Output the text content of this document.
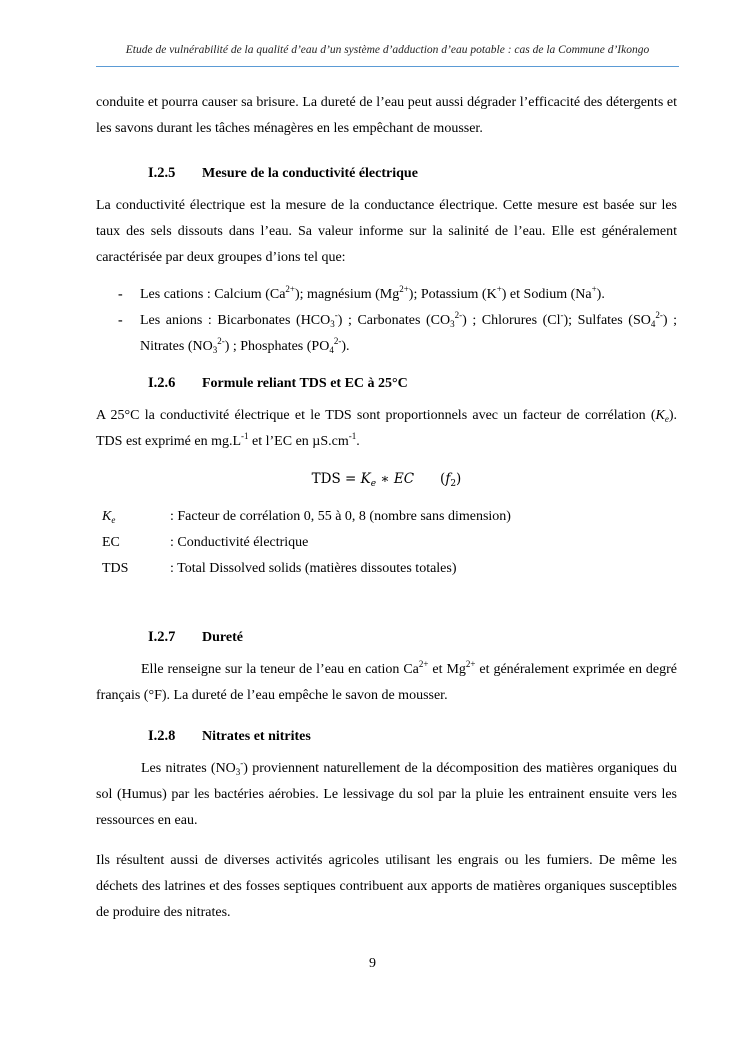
Etude de vulnérabilité de la qualité d’eau d’un système d’adduction d’eau potable : cas de la Commune d’Ikongo

conduite et pourra causer sa brisure. La dureté de l’eau peut aussi dégrader l’efficacité des détergents et les savons durant les tâches ménagères en les empêchant de mousser.

I.2.5 Mesure de la conductivité électrique

La conductivité électrique est la mesure de la conductance électrique. Cette mesure est basée sur les taux des sels dissouts dans l’eau. Sa valeur informe sur la salinité de l’eau. Elle est généralement caractérisée par deux groupes d’ions tel que:

- Les cations : Calcium $(Ca^{2+})$; magnésium $(Mg^{2+})$; Potassium (K+) et Sodium (Na+).
- Les anions : Bicarbonates $(HCO_3^-)$ ; Carbonates $(CO_3^{2-})$ ; Chlorures (Cl-); Sulfates $(SO_4^{2-})$ ; Nitrates $(NO_3^{2-})$ ; Phosphates $(PO_4^{2-})$.
I.2.6 Formule reliant TDS et EC à 25°C

A 25°C la conductivité électrique et le TDS sont proportionnels avec un facteur de corrélation $(K_e)$. TDS est exprimé en $mg.L^{-1}$ et l’EC en $\mu S.cm^{-1}$.

TDS = $K_e$ ∗ EC $(f_2)$
$K_e$	: Facteur de corrélation 0, 55 à 0, 8 (nombre sans dimension)
EC	: Conductivité électrique
TDS	: Total Dissolved solids (matières dissoutes totales)
I.2.7 Dureté

Elle renseigne sur la teneur de l’eau en cation $Ca^{2+}$ et $Mg^{2+}$ et généralement exprimée en degré français (°F). La dureté de l’eau empêche le savon de mousser.

I.2.8 Nitrates et nitrites

Les nitrates $(NO_3^-)$ proviennent naturellement de la décomposition des matières organiques du sol (Humus) par les bactéries aérobies. Le lessivage du sol par la pluie les entrainent ensuite vers les ressources en eau.

Ils résultent aussi de diverses activités agricoles utilisant les engrais ou les fumiers. De même les déchets des latrines et des fosses septiques contribuent aux apports de matières organiques susceptibles de produire des nitrates.

9
